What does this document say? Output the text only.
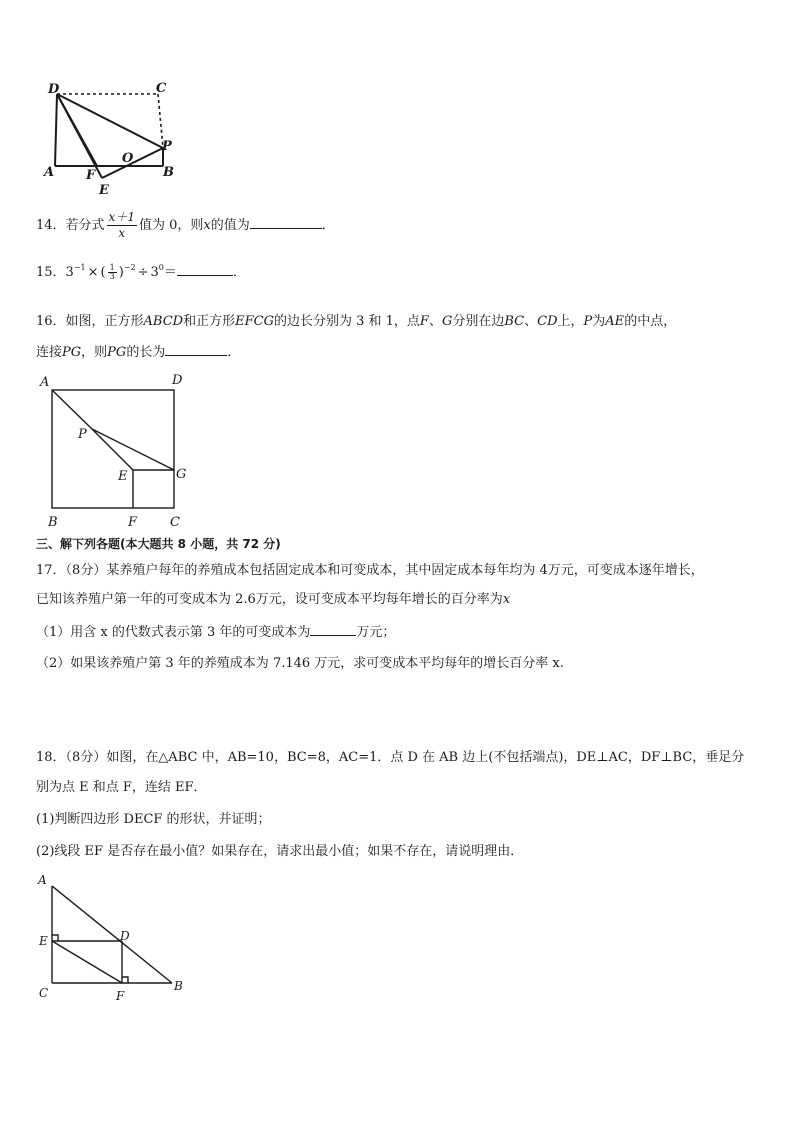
D	C
P
O
A F
E
B
14．若分式 $\frac{x+1}{x}$ 值为 0，则x的值为	．
15．$3^{-1}$ × ( $\frac{1}{3} )^{-2} \div 3^0=$	．
16．如图，正方形ABCD和正方形EFCG的边长分别为 3 和 1，点F、G分别在边BC、CD上，P为AE的中点，
连接PG，则PG的长为	．
A	D
P
E	G
B	F	C
三、解下列各题(本大题共 8 小题，共 72 分)
17．（8分）某养殖户每年的养殖成本包括固定成本和可变成本，其中固定成本每年均为 4万元，可变成本逐年增长，
已知该养殖户第一年的可变成本为 2.6万元，设可变成本平均每年增长的百分率为x
（1）用含 x 的代数式表示第 3 年的可变成本为	万元；
（2）如果该养殖户第 3 年的养殖成本为 7.146 万元，求可变成本平均每年的增长百分率 x.
18．（8分）如图，在△ABC 中，AB=10，BC=8，AC=1．点 D 在 AB 边上(不包括端点)，DE⊥AC，DF⊥BC，垂足分
别为点 E 和点 F，连结 EF．
(1)判断四边形 DECF 的形状，并证明；
(2)线段 EF 是否存在最小值？如果存在，请求出最小值；如果不存在，请说明理由．
A
E	D
C	F
B
